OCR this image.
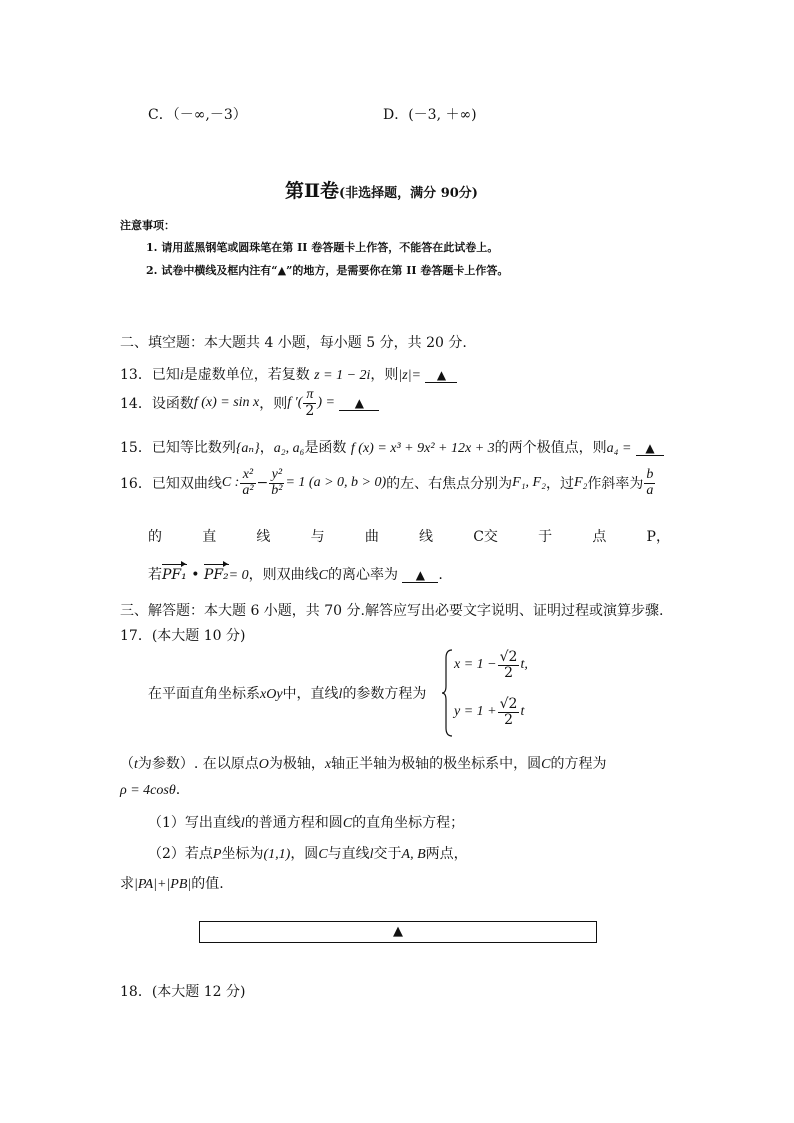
C．（－∞,－3）	D．(－3, ＋∞)
第Ⅱ卷(非选择题，满分 90分)
注意事项：
1. 请用蓝黑钢笔或圆珠笔在第 II 卷答题卡上作答，不能答在此试卷上。
2. 试卷中横线及框内注有“▲”的地方，是需要你在第 II 卷答题卡上作答。
二、填空题：本大题共 4 小题，每小题 5 分，共 20 分.
13．已知i是虚数单位，若复数 z = 1 − 2i，则|z|= ▲
14．设函数f (x) = sin x，则f ′( $\frac{\pi}{2}$ ) = ▲
15．已知等比数列{aₙ}，a₂, a₆是函数 f (x) = x³ + 9x² + 12x + 3的两个极值点，则a₄ = ▲
16．已知双曲线C : $\frac{\text{x²}}{\text{a²}} - \frac{\text{y²}}{\text{b²}} = 1$ (a > 0, b > 0)的左、右焦点分别为F₁, F₂，过F₂作斜率为 $\frac{b}{a}$
的	直	线	与	曲	线	C交	于	点	P，
若PF₁ • PF₂= 0，则双曲线C的离心率为 ▲ .
三、解答题：本大题 6 小题，共 70 分.解答应写出必要文字说明、证明过程或演算步骤.
17．(本大题 10 分)
在平面直角坐标系xOy中，直线l的参数方程为
$x = 1 - \frac{√2}{2} t$,
$y = 1 + \frac{√2}{2}$ t
（t为参数）. 在以原点O为极轴，x轴正半轴为极轴的极坐标系中，圆C的方程为
ρ = 4cosθ.
（1）写出直线l的普通方程和圆C的直角坐标方程；
（2）若点P坐标为(1,1)，圆C与直线l交于A, B两点，
求|PA|+|PB|的值.
▲
18．(本大题 12 分)
